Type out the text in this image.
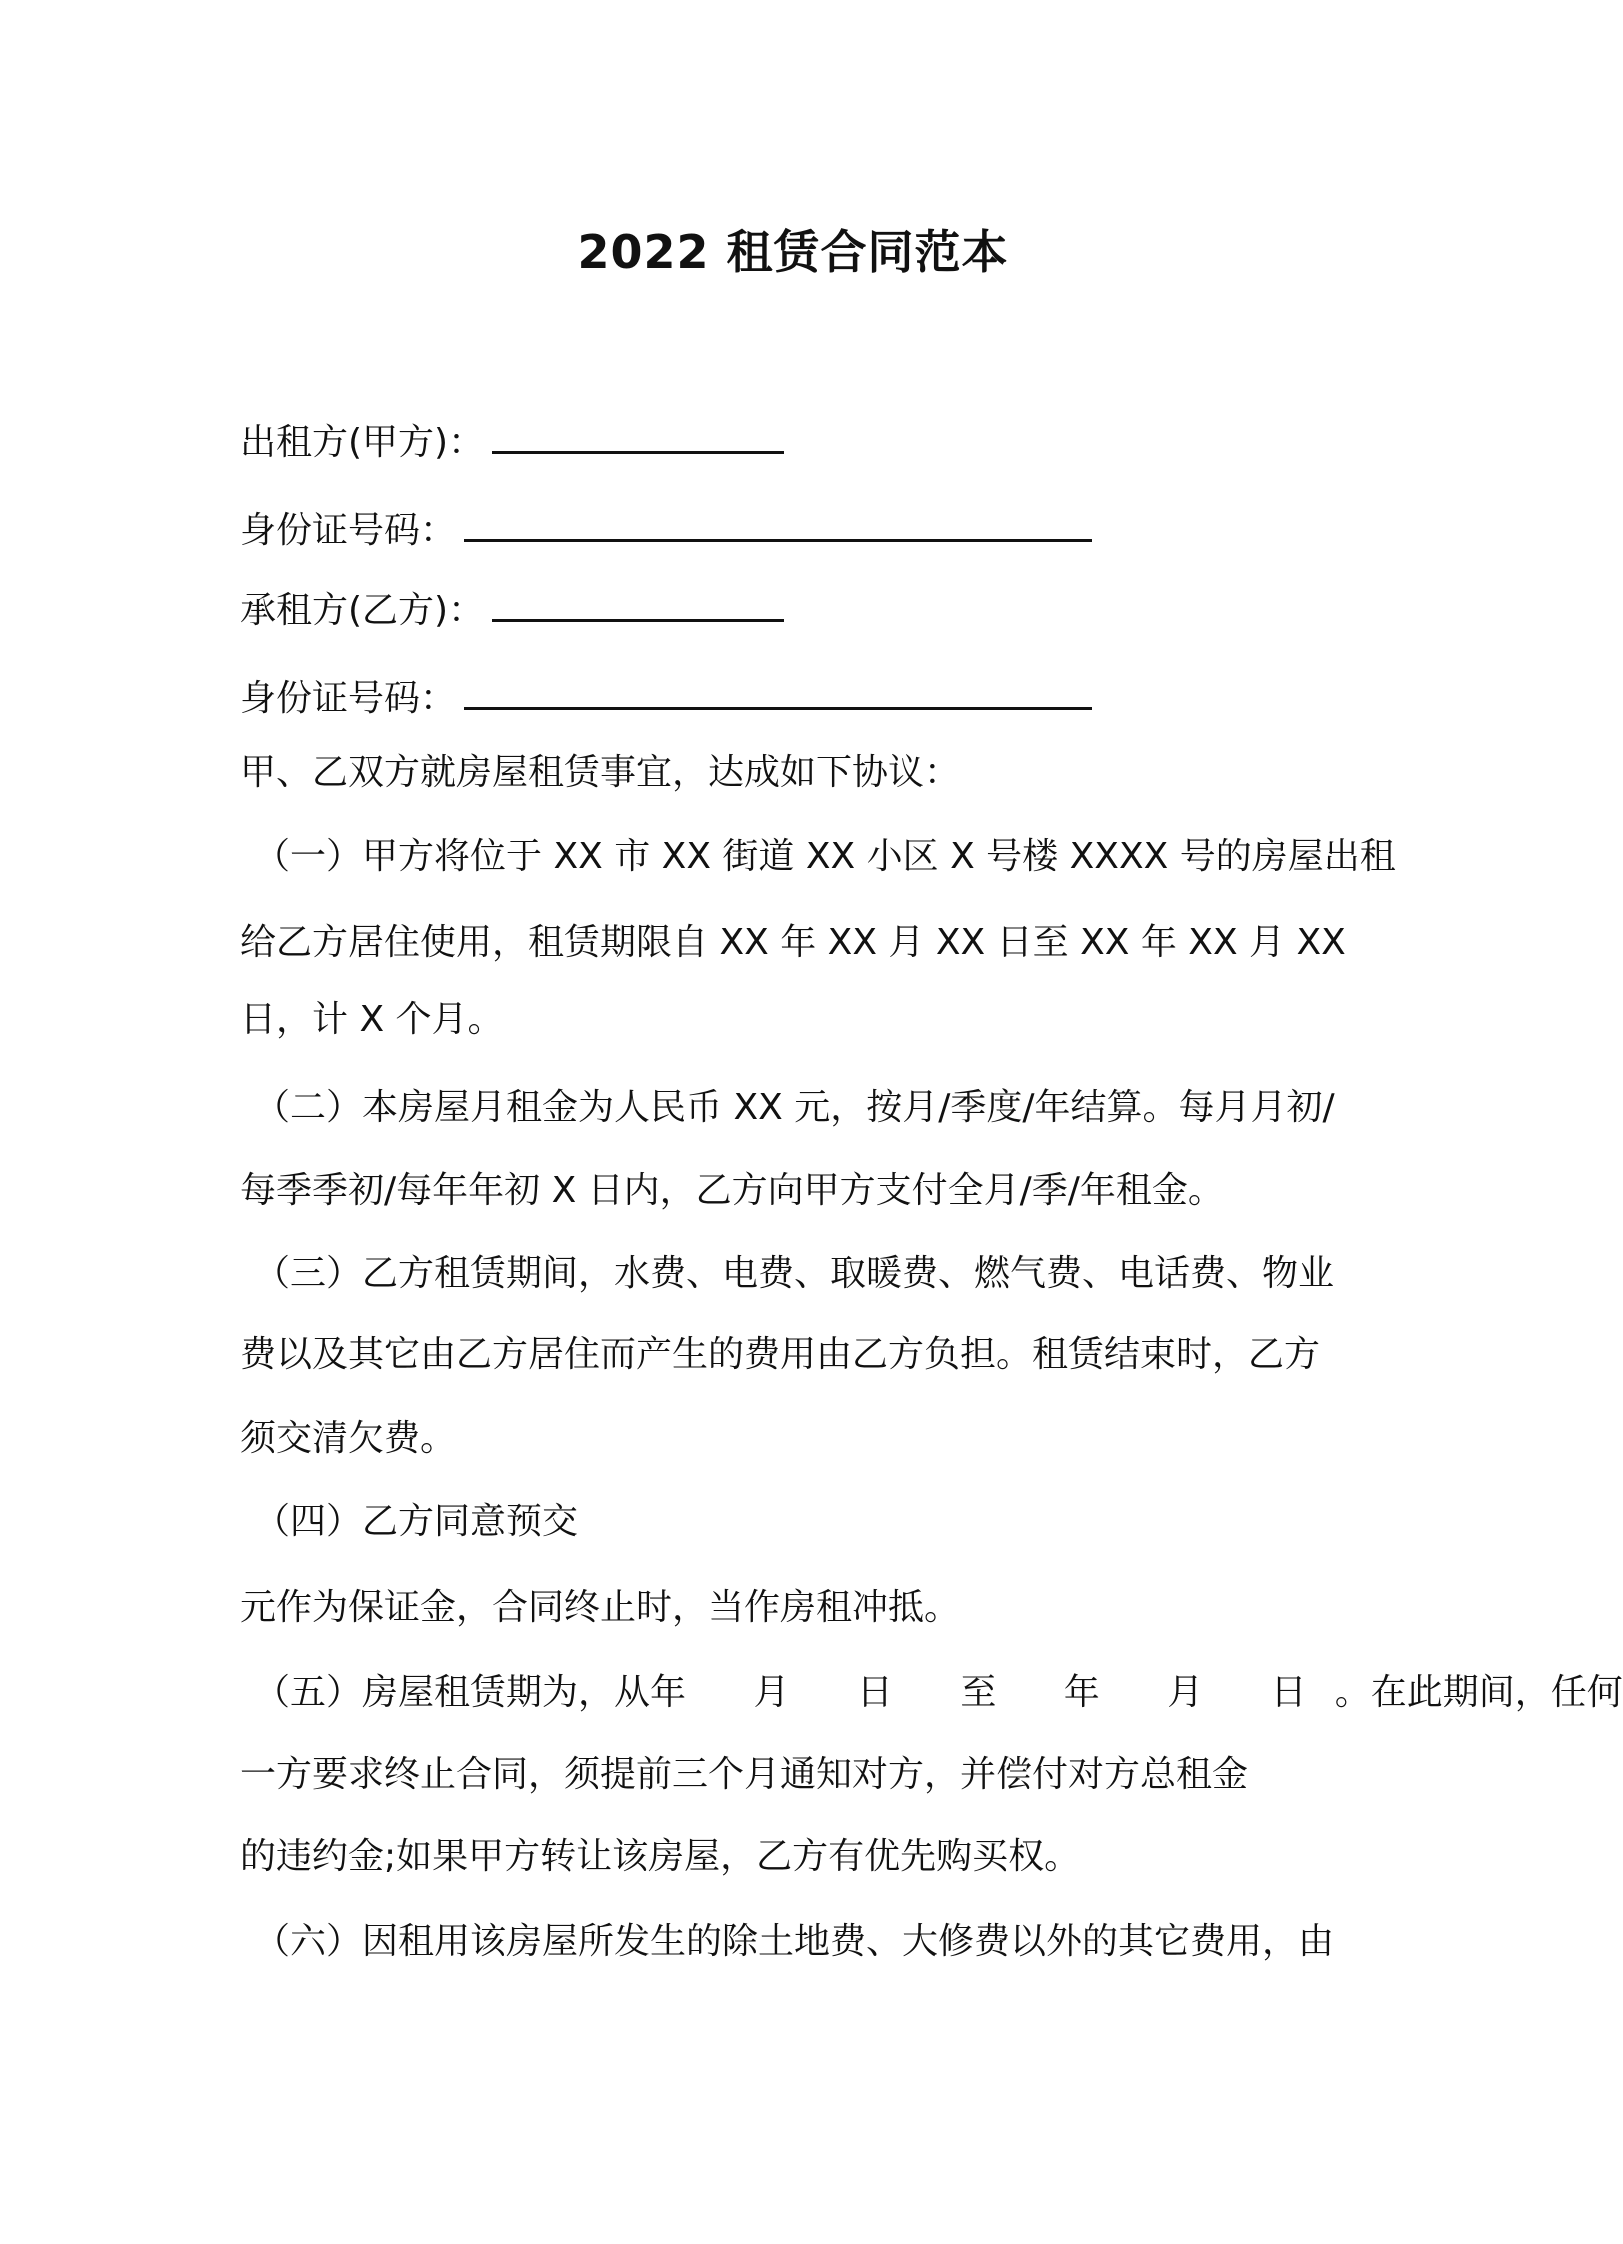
2022 租赁合同范本
出租方(甲方)：
身份证号码：
承租方(乙方)：
身份证号码：
甲、乙双方就房屋租赁事宜，达成如下协议：
（一）甲方将位于 XX 市 XX 街道 XX 小区 X 号楼 XXXX 号的房屋出租
给乙方居住使用，租赁期限自 XX 年 XX 月 XX 日至 XX 年 XX 月 XX
日，计 X 个月。
（二）本房屋月租金为人民币 XX 元，按月/季度/年结算。每月月初/
每季季初/每年年初 X 日内，乙方向甲方支付全月/季/年租金。
（三）乙方租赁期间，水费、电费、取暖费、燃气费、电话费、物业
费以及其它由乙方居住而产生的费用由乙方负担。租赁结束时，乙方
须交清欠费。
（四）乙方同意预交
元作为保证金，合同终止时，当作房租冲抵。
（五）房屋租赁期为，从年 月 日 至 年 月 日。在此期间，任何
一方要求终止合同，须提前三个月通知对方，并偿付对方总租金
的违约金;如果甲方转让该房屋，乙方有优先购买权。
（六）因租用该房屋所发生的除土地费、大修费以外的其它费用，由
